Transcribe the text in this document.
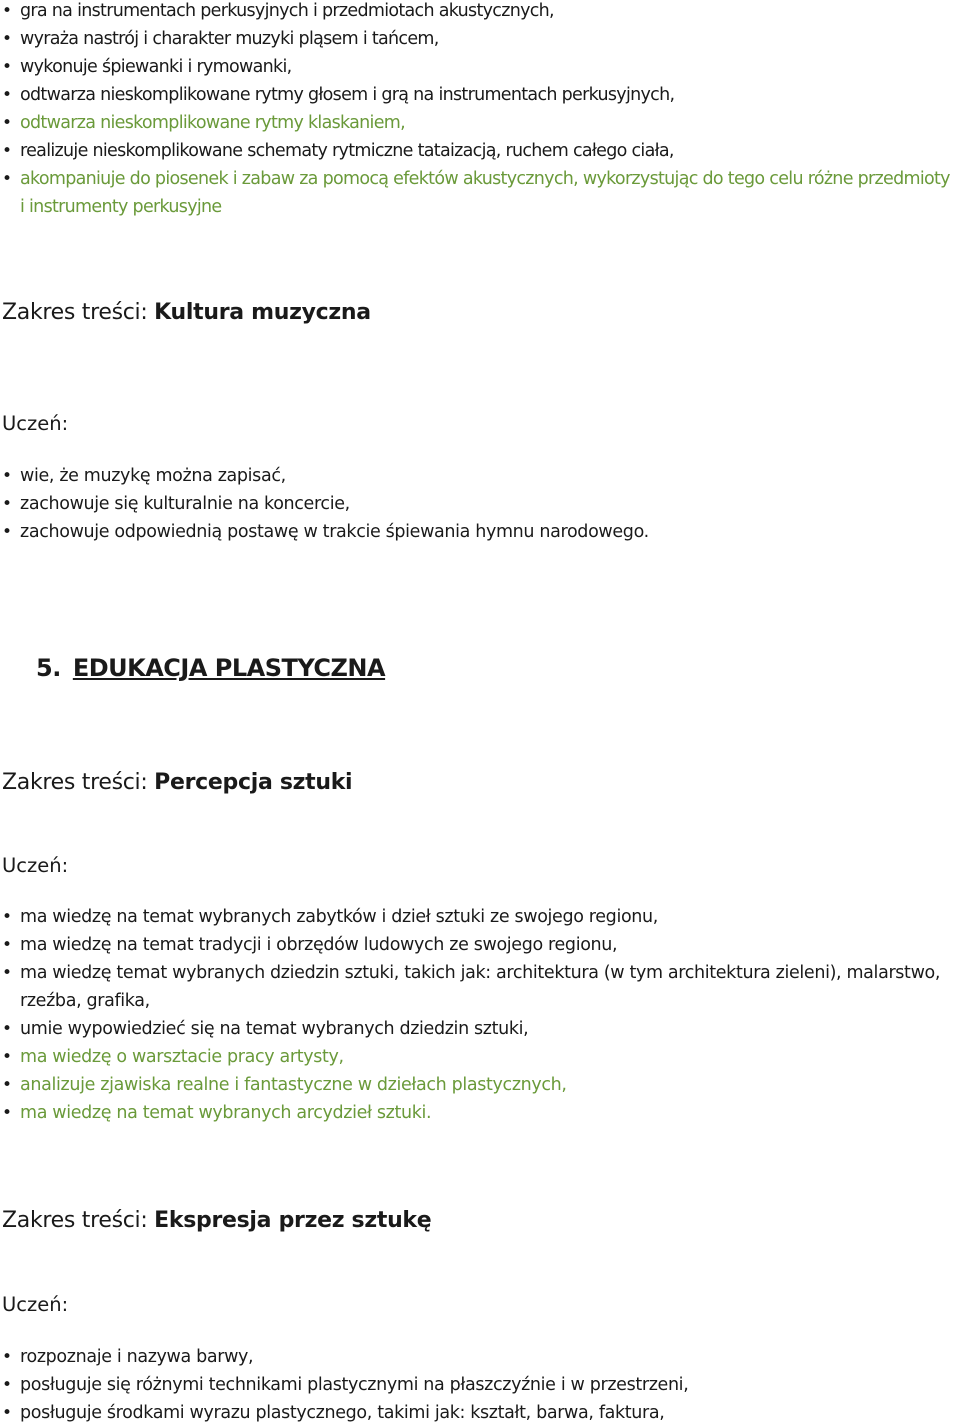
• gra na instrumentach perkusyjnych i przedmiotach akustycznych,
• wyraża nastrój i charakter muzyki pląsem i tańcem,
• wykonuje śpiewanki i rymowanki,
• odtwarza nieskomplikowane rytmy głosem i grą na instrumentach perkusyjnych,
• odtwarza nieskomplikowane rytmy klaskaniem,
• realizuje nieskomplikowane schematy rytmiczne tataizacją, ruchem całego ciała,
• akompaniuje do piosenek i zabaw za pomocą efektów akustycznych, wykorzystując do tego celu różne przedmioty i instrumenty perkusyjne
Zakres treści: Kultura muzyczna
Uczeń:
• wie, że muzykę można zapisać,
• zachowuje się kulturalnie na koncercie,
• zachowuje odpowiednią postawę w trakcie śpiewania hymnu narodowego.
5. EDUKACJA PLASTYCZNA
Zakres treści: Percepcja sztuki
Uczeń:
• ma wiedzę na temat wybranych zabytków i dzieł sztuki ze swojego regionu,
• ma wiedzę na temat tradycji i obrzędów ludowych ze swojego regionu,
• ma wiedzę temat wybranych dziedzin sztuki, takich jak: architektura (w tym architektura zieleni), malarstwo, rzeźba, grafika,
• umie wypowiedzieć się na temat wybranych dziedzin sztuki,
• ma wiedzę o warsztacie pracy artysty,
• analizuje zjawiska realne i fantastyczne w dziełach plastycznych,
• ma wiedzę na temat wybranych arcydzieł sztuki.
Zakres treści: Ekspresja przez sztukę
Uczeń:
• rozpoznaje i nazywa barwy,
• posługuje się różnymi technikami plastycznymi na płaszczyźnie i w przestrzeni,
• posługuje środkami wyrazu plastycznego, takimi jak: kształt, barwa, faktura,
